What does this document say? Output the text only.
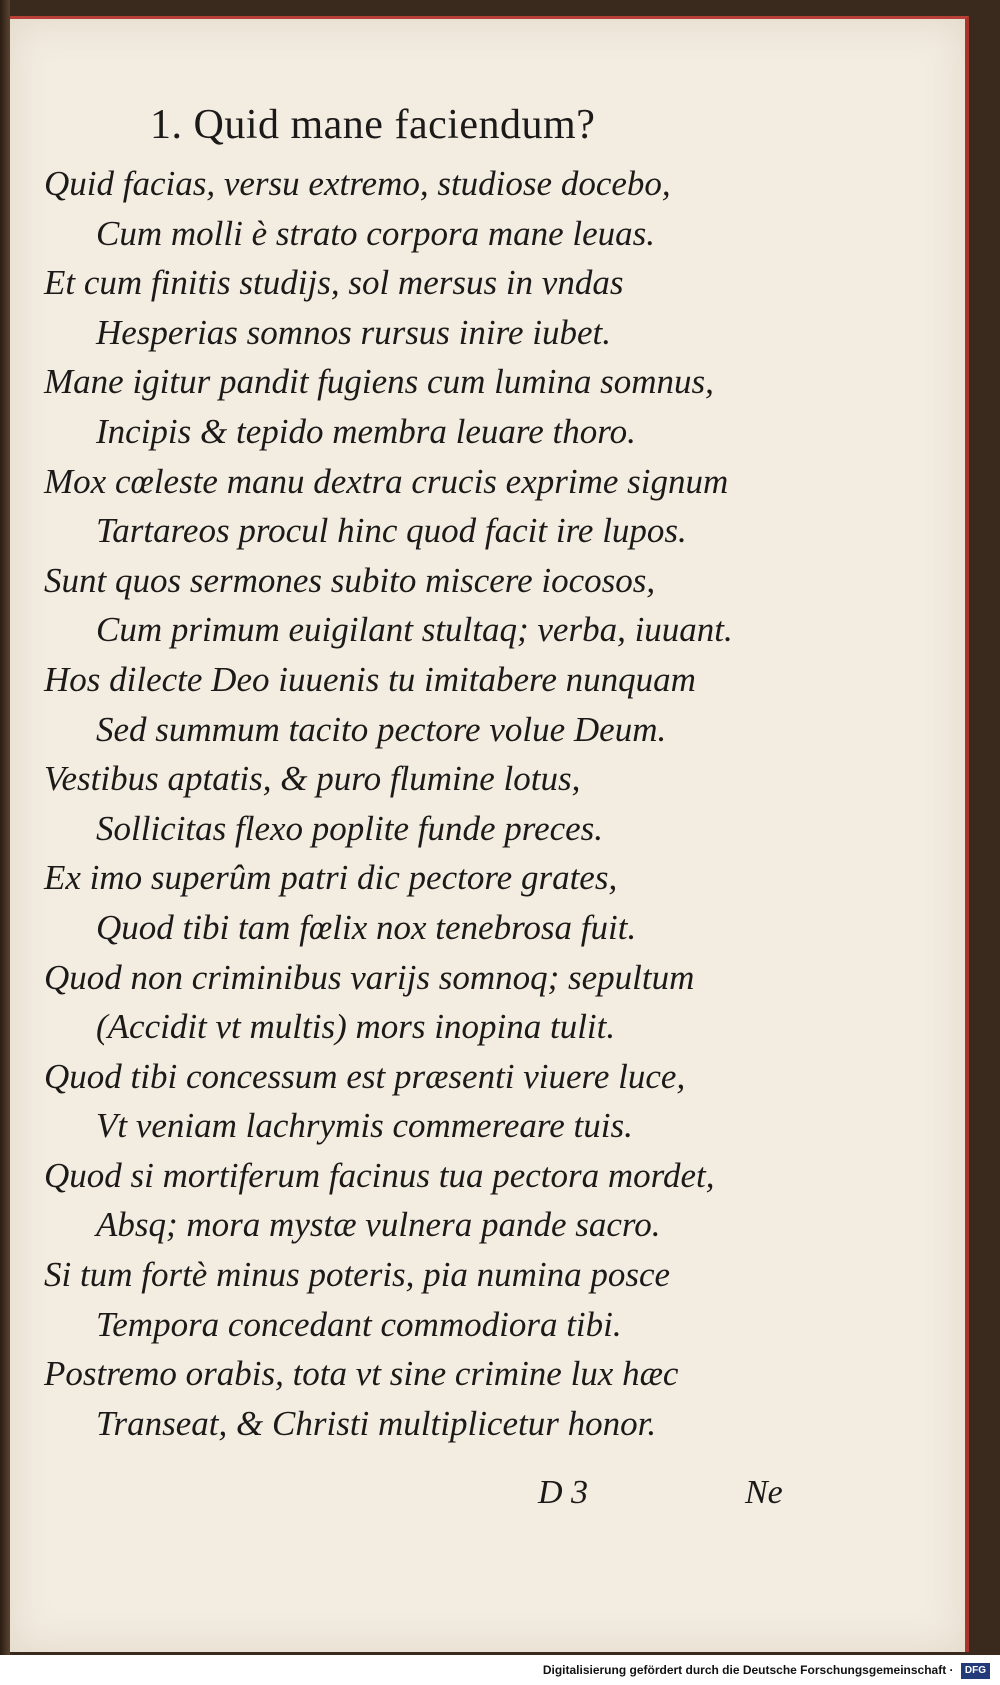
1. Quid mane faciendum?
Quid facias, versu extremo, studiose docebo,
Cum molli è strato corpora mane leuas.
Et cum finitis studijs, sol mersus in vndas
Hesperias somnos rursus inire iubet.
Mane igitur pandit fugiens cum lumina somnus,
Incipis & tepido membra leuare thoro.
Mox cœleste manu dextra crucis exprime signum
Tartareos procul hinc quod facit ire lupos.
Sunt quos sermones subito miscere iocosos,
Cum primum euigilant stultaq; verba, iuuant.
Hos dilecte Deo iuuenis tu imitabere nunquam
Sed summum tacito pectore volue Deum.
Vestibus aptatis, & puro flumine lotus,
Sollicitas flexo poplite funde preces.
Ex imo superûm patri dic pectore grates,
Quod tibi tam fœlix nox tenebrosa fuit.
Quod non criminibus varijs somnoq; sepultum
(Accidit vt multis) mors inopina tulit.
Quod tibi concessum est præsenti viuere luce,
Vt veniam lachrymis commereare tuis.
Quod si mortiferum facinus tua pectora mordet,
Absq; mora mystæ vulnera pande sacro.
Si tum fortè minus poteris, pia numina posce
Tempora concedant commodiora tibi.
Postremo orabis, tota vt sine crimine lux hæc
Transeat, & Christi multiplicetur honor.
D 3	Ne
Digitalisierung gefördert durch die Deutsche Forschungsgemeinschaft · DFG
